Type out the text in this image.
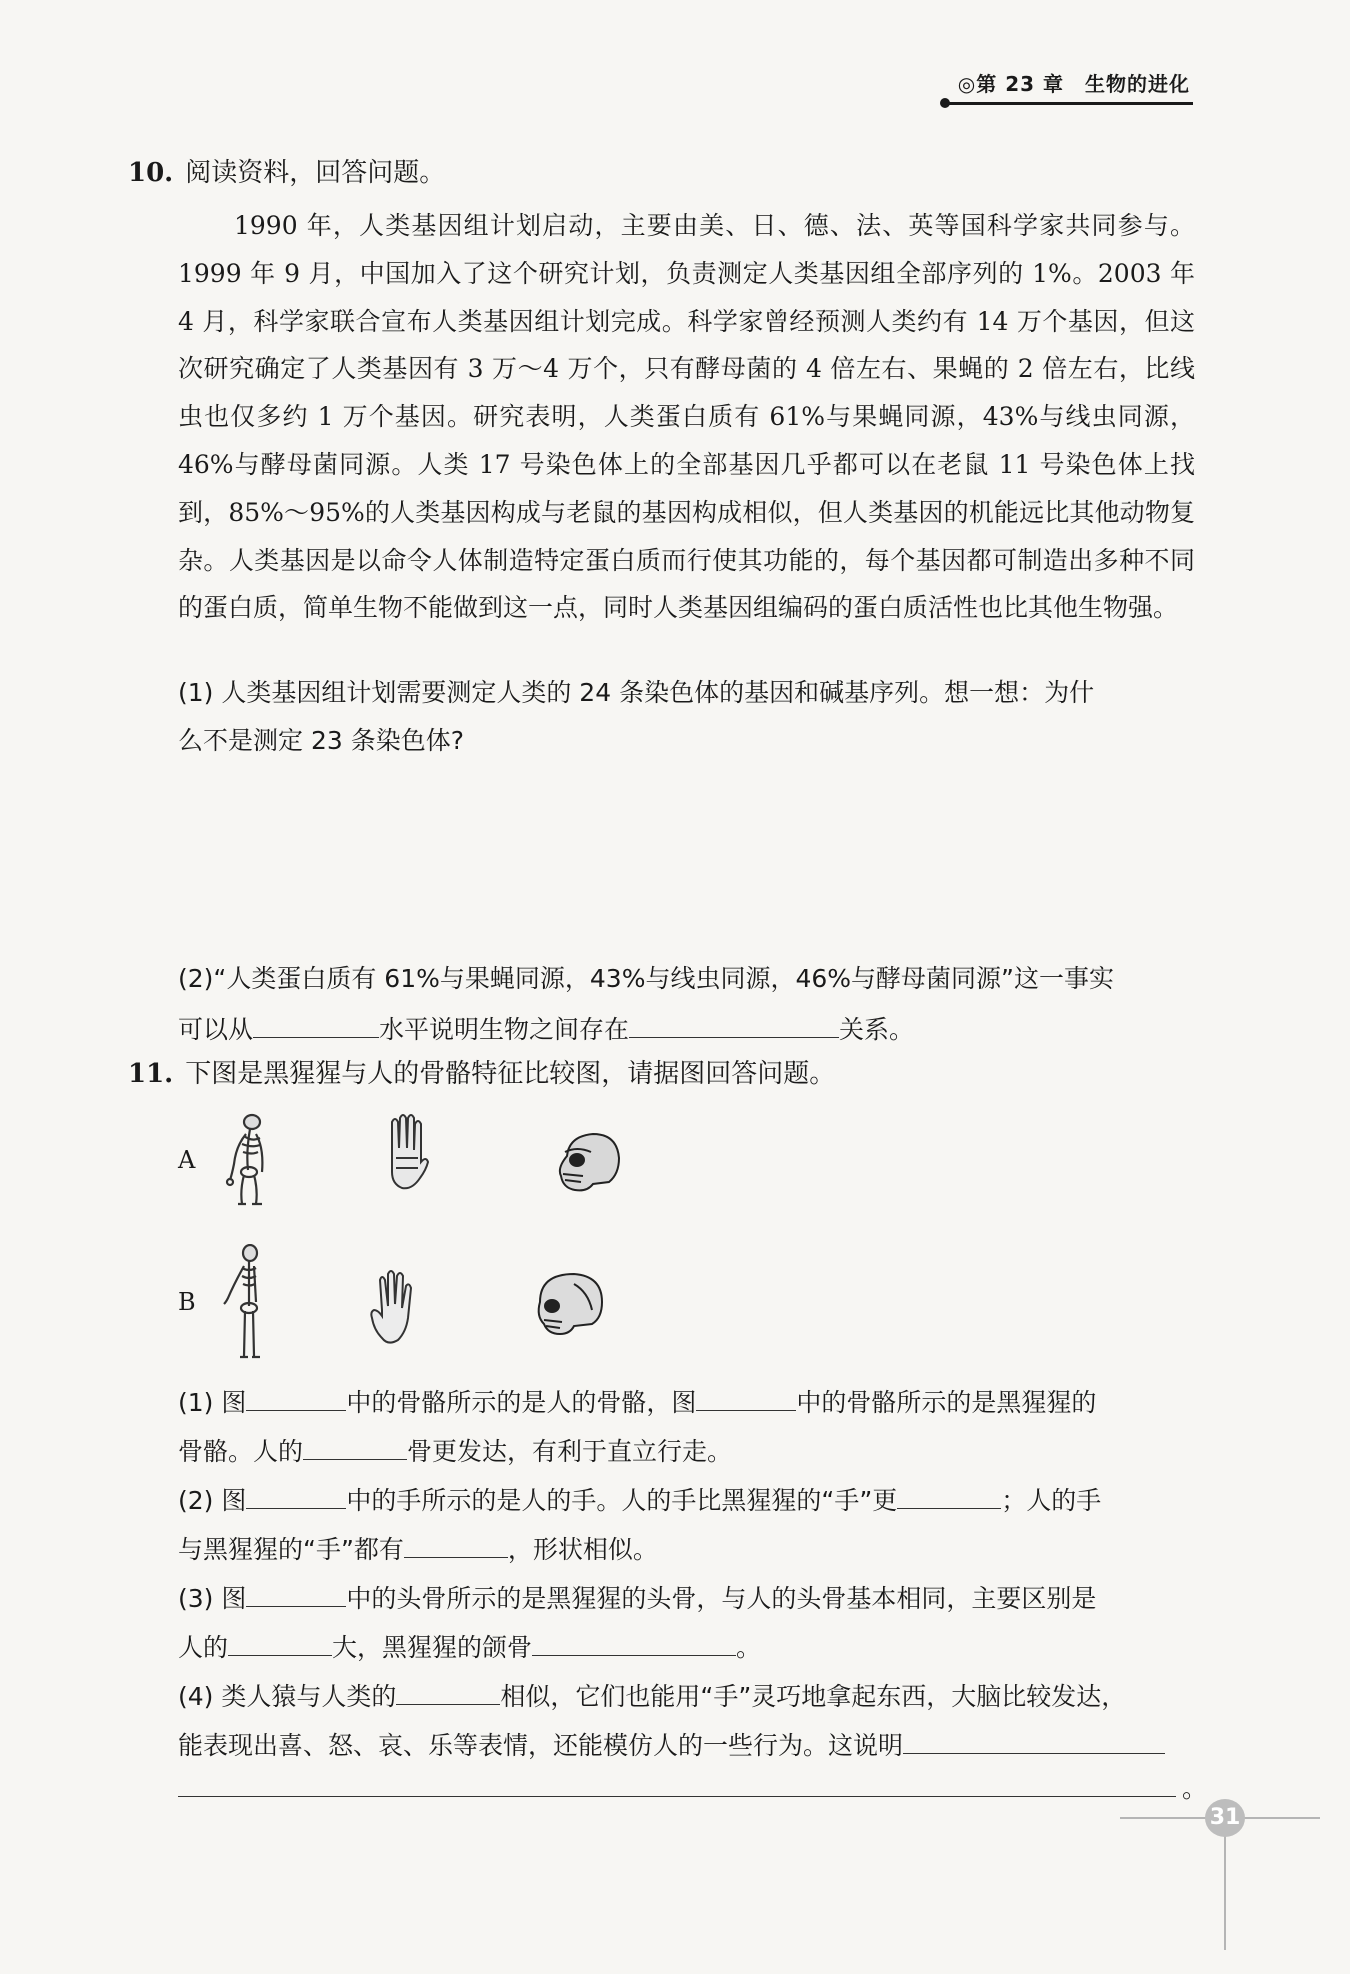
◎第 23 章　生物的进化
10. 阅读资料，回答问题。
1990 年，人类基因组计划启动，主要由美、日、德、法、英等国科学家共同参与。1999 年 9 月，中国加入了这个研究计划，负责测定人类基因组全部序列的 1%。2003 年 4 月，科学家联合宣布人类基因组计划完成。科学家曾经预测人类约有 14 万个基因，但这次研究确定了人类基因有 3 万～4 万个，只有酵母菌的 4 倍左右、果蝇的 2 倍左右，比线虫也仅多约 1 万个基因。研究表明，人类蛋白质有 61%与果蝇同源，43%与线虫同源，46%与酵母菌同源。人类 17 号染色体上的全部基因几乎都可以在老鼠 11 号染色体上找到，85%～95%的人类基因构成与老鼠的基因构成相似，但人类基因的机能远比其他动物复杂。人类基因是以命令人体制造特定蛋白质而行使其功能的，每个基因都可制造出多种不同的蛋白质，简单生物不能做到这一点，同时人类基因组编码的蛋白质活性也比其他生物强。
(1) 人类基因组计划需要测定人类的 24 条染色体的基因和碱基序列。想一想：为什
么不是测定 23 条染色体?
(2)“人类蛋白质有 61%与果蝇同源，43%与线虫同源，46%与酵母菌同源”这一事实
可以从	水平说明生物之间存在	关系。
11. 下图是黑猩猩与人的骨骼特征比较图，请据图回答问题。
A
B
(1) 图	中的骨骼所示的是人的骨骼，图	中的骨骼所示的是黑猩猩的
骨骼。人的	骨更发达，有利于直立行走。
(2) 图	中的手所示的是人的手。人的手比黑猩猩的“手”更	；人的手
与黑猩猩的“手”都有	，形状相似。
(3) 图	中的头骨所示的是黑猩猩的头骨，与人的头骨基本相同，主要区别是
人的	大，黑猩猩的颌骨	。
(4) 类人猿与人类的	相似，它们也能用“手”灵巧地拿起东西，大脑比较发达，
能表现出喜、怒、哀、乐等表情，还能模仿人的一些行为。这说明
。
31
